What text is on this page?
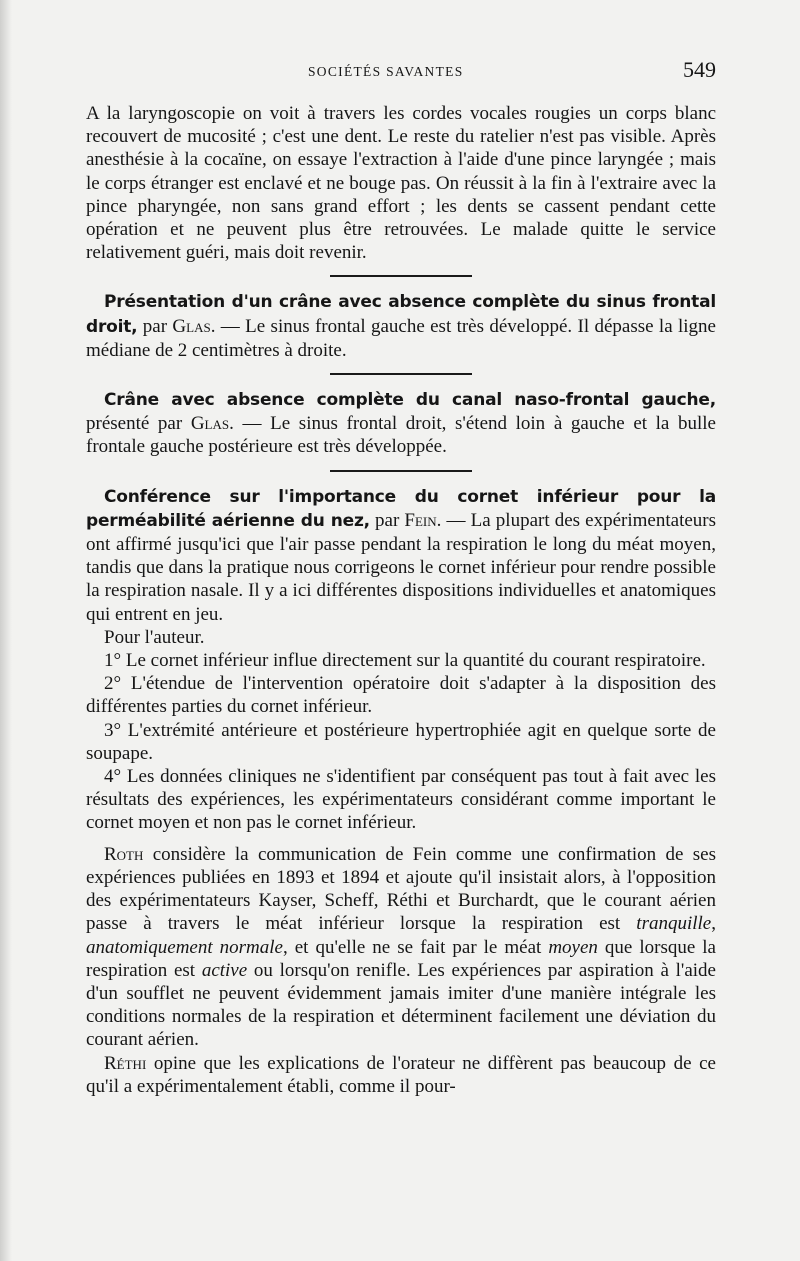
SOCIÉTÉS SAVANTES	549

A la laryngoscopie on voit à travers les cordes vocales rougies un corps blanc recouvert de mucosité ; c'est une dent. Le reste du ratelier n'est pas visible. Après anesthésie à la cocaïne, on essaye l'extraction à l'aide d'une pince laryngée ; mais le corps étranger est enclavé et ne bouge pas. On réussit à la fin à l'extraire avec la pince pharyngée, non sans grand effort ; les dents se cassent pendant cette opération et ne peuvent plus être retrouvées. Le malade quitte le service relativement guéri, mais doit revenir.

Présentation d'un crâne avec absence complète du sinus frontal droit, par Glas. — Le sinus frontal gauche est très développé. Il dépasse la ligne médiane de 2 centimètres à droite.

Crâne avec absence complète du canal naso-frontal gauche, présenté par Glas. — Le sinus frontal droit, s'étend loin à gauche et la bulle frontale gauche postérieure est très développée.

Conférence sur l'importance du cornet inférieur pour la perméabilité aérienne du nez, par Fein. — La plupart des expérimentateurs ont affirmé jusqu'ici que l'air passe pendant la respiration le long du méat moyen, tandis que dans la pratique nous corrigeons le cornet inférieur pour rendre possible la respiration nasale. Il y a ici différentes dispositions individuelles et anatomiques qui entrent en jeu.

Pour l'auteur.

1° Le cornet inférieur influe directement sur la quantité du courant respiratoire.

2° L'étendue de l'intervention opératoire doit s'adapter à la disposition des différentes parties du cornet inférieur.

3° L'extrémité antérieure et postérieure hypertrophiée agit en quelque sorte de soupape.

4° Les données cliniques ne s'identifient par conséquent pas tout à fait avec les résultats des expériences, les expérimentateurs considérant comme important le cornet moyen et non pas le cornet inférieur.

Roth considère la communication de Fein comme une confirmation de ses expériences publiées en 1893 et 1894 et ajoute qu'il insistait alors, à l'opposition des expérimentateurs Kayser, Scheff, Réthi et Burchardt, que le courant aérien passe à travers le méat inférieur lorsque la respiration est tranquille, anatomiquement normale, et qu'elle ne se fait par le méat moyen que lorsque la respiration est active ou lorsqu'on renifle. Les expériences par aspiration à l'aide d'un soufflet ne peuvent évidemment jamais imiter d'une manière intégrale les conditions normales de la respiration et déterminent facilement une déviation du courant aérien.

Réthi opine que les explications de l'orateur ne diffèrent pas beaucoup de ce qu'il a expérimentalement établi, comme il pour-
